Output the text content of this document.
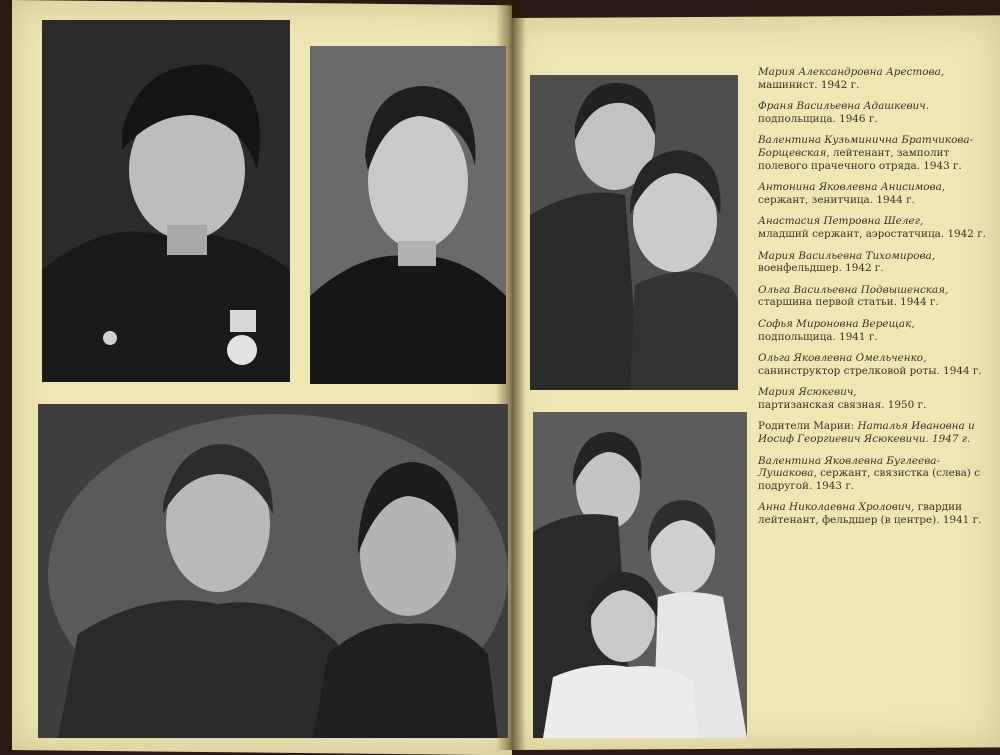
Мария Александровна Арестова,
машинист. 1942 г.

Франя Васильевна Адашкевич.
подпольщица. 1946 г.

Валентина Кузьминична Братчикова-Борщевская, лейтенант, замполит полевого прачечного отряда. 1943 г.

Антонина Яковлевна Анисимова,
сержант, зенитчица. 1944 г.

Анастасия Петровна Шелег,
младший сержант, аэростатчица. 1942 г.

Мария Васильевна Тихомирова,
военфельдшер. 1942 г.

Ольга Васильевна Подвышенская,
старшина первой статьи. 1944 г.

Софья Мироновна Верещак,
подпольщица. 1941 г.

Ольга Яковлевна Омельченко,
санинструктор стрелковой роты. 1944 г.

Мария Ясюкевич,
партизанская связная. 1950 г.

Родители Марии: Наталья Ивановна и Иосиф Георгиевич Ясюкевичи. 1947 г.

Валентина Яковлевна Буглеева-Лушакова, сержант, связистка (слева) с подругой. 1943 г.

Анна Николаевна Хролович, гвардии лейтенант, фельдшер (в центре). 1941 г.
